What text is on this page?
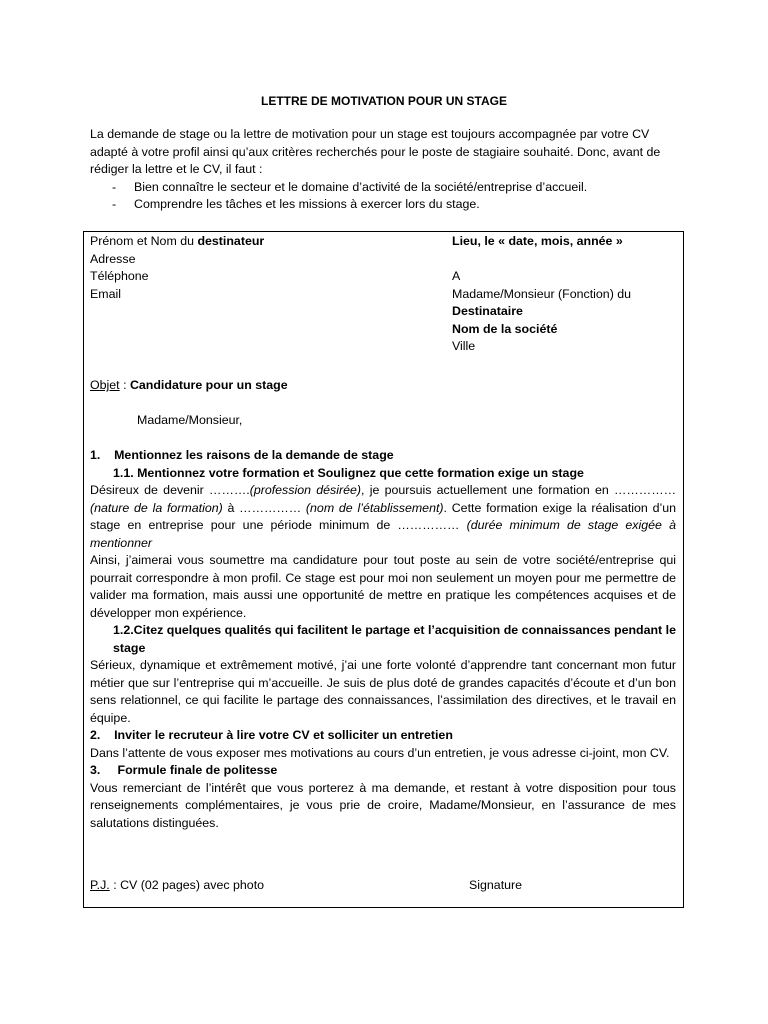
LETTRE DE MOTIVATION POUR UN STAGE

La demande de stage ou la lettre de motivation pour un stage est toujours accompagnée par votre CV adapté à votre profil ainsi qu’aux critères recherchés pour le poste de stagiaire souhaité. Donc, avant de rédiger la lettre et le CV, il faut :

- Bien connaître le secteur et le domaine d’activité de la société/entreprise d’accueil.
- Comprendre les tâches et les missions à exercer lors du stage.

Prénom et Nom du destinateur

Adresse

Téléphone

Email

Lieu, le « date, mois, année »

A

Madame/Monsieur (Fonction) du

Destinataire

Nom de la société

Ville

Objet : Candidature pour un stage

Madame/Monsieur,

1.    Mentionnez les raisons de la demande de stage

1.1. Mentionnez votre formation et Soulignez que cette formation exige un stage

Désireux de devenir ……….(profession désirée), je poursuis actuellement une formation en …………… (nature de la formation) à …………… (nom de l’établissement). Cette formation exige la réalisation d’un stage en entreprise pour une période minimum de …………… (durée minimum de stage exigée à mentionner

Ainsi, j’aimerai vous soumettre ma candidature pour tout poste au sein de votre société/entreprise qui pourrait correspondre à mon profil. Ce stage est pour moi non seulement un moyen pour me permettre de valider ma formation, mais aussi une opportunité de mettre en pratique les compétences acquises et de développer mon expérience.

1.2.Citez quelques qualités qui facilitent le partage et l’acquisition de connaissances pendant le stage

Sérieux, dynamique et extrêmement motivé, j’ai une forte volonté d’apprendre tant concernant mon futur métier que sur l’entreprise qui m’accueille. Je suis de plus doté de grandes capacités d’écoute et d’un bon sens relationnel, ce qui facilite le partage des connaissances, l’assimilation des directives, et le travail en équipe.

2.    Inviter le recruteur à lire votre CV et solliciter un entretien

Dans l’attente de vous exposer mes motivations au cours d’un entretien, je vous adresse ci-joint, mon CV.

3.     Formule finale de politesse

Vous remerciant de l’intérêt que vous porterez à ma demande, et restant à votre disposition pour tous renseignements complémentaires, je vous prie de croire, Madame/Monsieur, en l’assurance de mes salutations distinguées.

P.J. : CV (02 pages) avec photo	Signature
